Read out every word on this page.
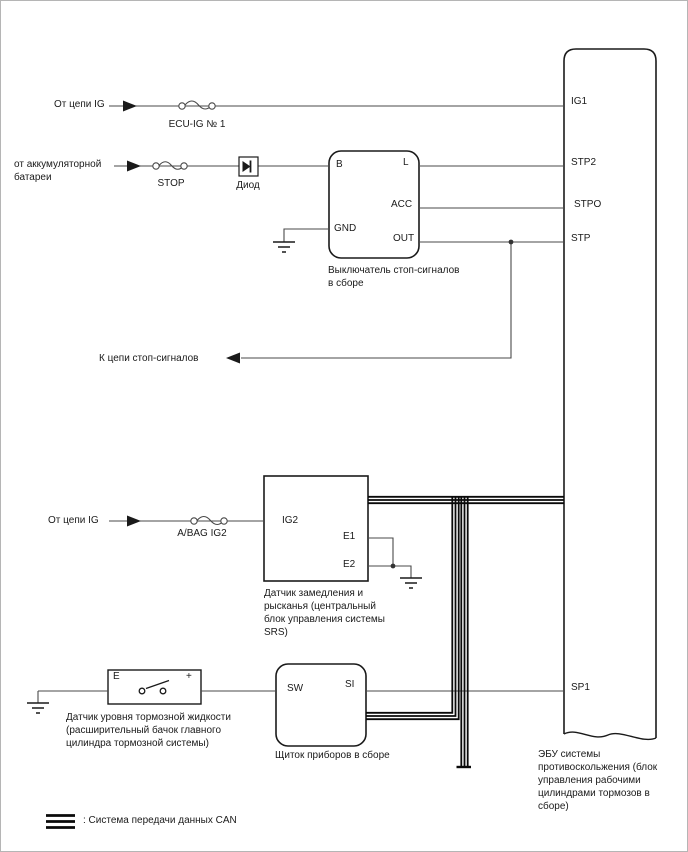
От цепи IG
ECU-IG № 1
от аккумуляторной
батареи
STOP	Диод
B
GND
L
ACC
OUT
Выключатель стоп-сигналов
в сборе
IG1
STP2
STPO
STP
SP1
ЭБУ системы
противоскольжения (блок
управления рабочими
цилиндрами тормозов в
сборе)
К цепи стоп-сигналов
От цепи IG
A/BAG IG2
IG2
E1
E2
Датчик замедления и
рысканья (центральный
блок управления системы
SRS)
E	+
Датчик уровня тормозной жидкости
(расширительный бачок главного
цилиндра тормозной системы)
SW	SI
Щиток приборов в сборе
: Система передачи данных CAN
